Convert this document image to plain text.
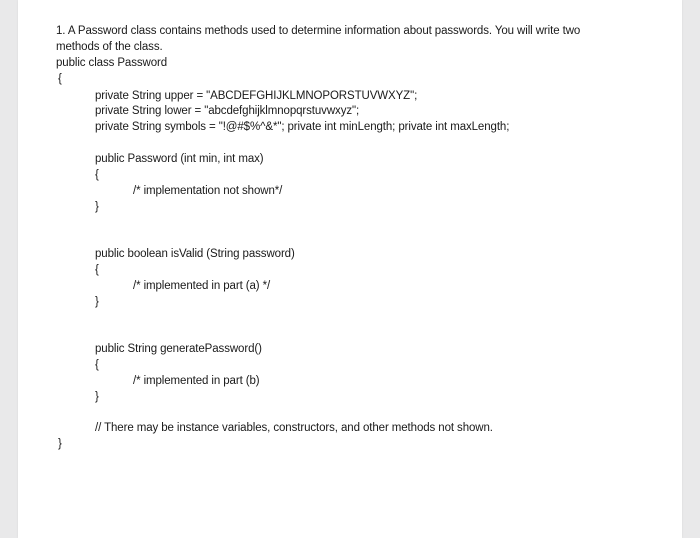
1. A Password class contains methods used to determine information about passwords. You will write two
methods of the class.
public class Password
{
private String upper = "ABCDEFGHIJKLMNOPORSTUVWXYZ";
private String lower = "abcdefghijklmnopqrstuvwxyz";
private String symbols = "!@#$%^&*"; private int minLength; private int maxLength;
public Password (int min, int max)
{
/* implementation not shown*/
}
public boolean isValid (String password)
{
/* implemented in part (a) */
}
public String generatePassword()
{
/* implemented in part (b)
}
// There may be instance variables, constructors, and other methods not shown.
}
